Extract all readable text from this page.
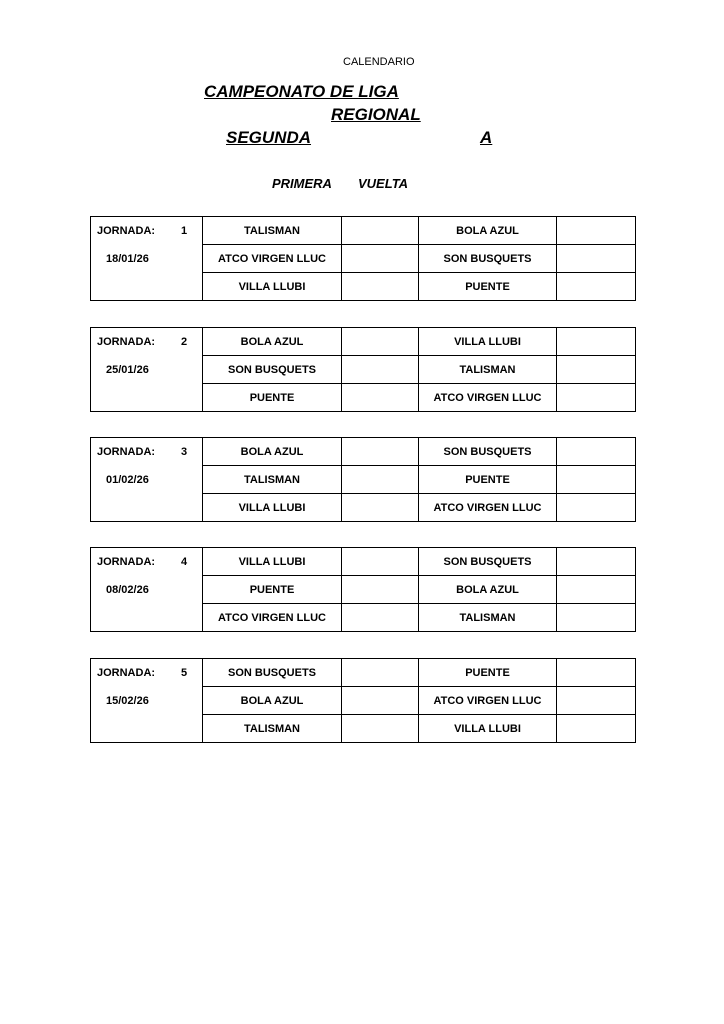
CALENDARIO
CAMPEONATO DE LIGA
REGIONAL
SEGUNDA	A
PRIMERA VUELTA
JORNADA: 1	TALISMAN		BOLA AZUL	

18/01/26	ATCO VIRGEN LLUC		SON BUSQUETS	
	VILLA LLUBI		PUENTE	
JORNADA: 2	BOLA AZUL		VILLA LLUBI	

25/01/26	SON BUSQUETS		TALISMAN	
	PUENTE		ATCO VIRGEN LLUC	
JORNADA: 3	BOLA AZUL		SON BUSQUETS	

01/02/26	TALISMAN		PUENTE	
	VILLA LLUBI		ATCO VIRGEN LLUC	
JORNADA: 4	VILLA LLUBI		SON BUSQUETS	

08/02/26	PUENTE		BOLA AZUL	
	ATCO VIRGEN LLUC		TALISMAN	
JORNADA: 5	SON BUSQUETS		PUENTE	

15/02/26	BOLA AZUL		ATCO VIRGEN LLUC	
	TALISMAN		VILLA LLUBI	
